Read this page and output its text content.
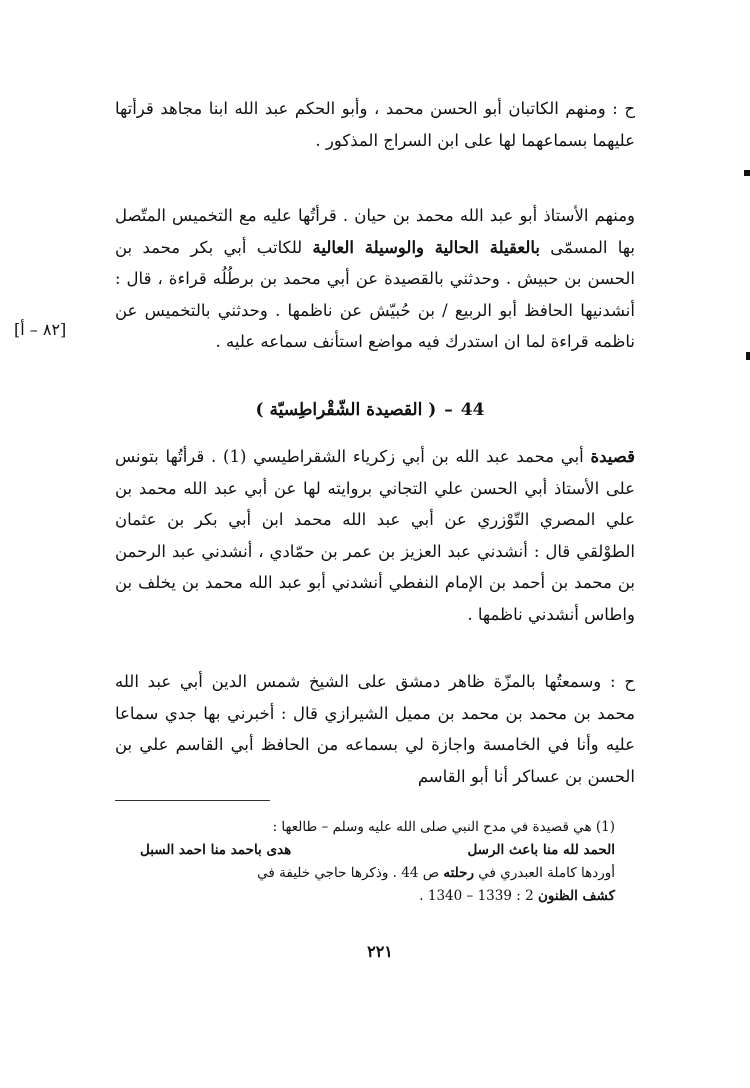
ح : ومنهم الكاتبان أبو الحسن محمد ، وأبو الحكم عبد الله ابنا مجاهد قرأتها عليهما بسماعهما لها على ابن السراج المذكور .

ومنهم الأستاذ أبو عبد الله محمد بن حيان . قرأتُها عليه مع التخميس المتّصل بها المسمّى بالعقيلة الحالية والوسيلة العالية للكاتب أبي بكر محمد بن الحسن بن حبيش . وحدثني بالقصيدة عن أبي محمد بن برطُلُه قراءة ، قال : أنشدنيها الحافظ أبو الربيع / بن حُبيّش عن ناظمها . وحدثني بالتخميس عن ناظمه قراءة لما ان استدرك فيه مواضع استأنف سماعه عليه .

[٨٢ – أ]
44–( القصيدة الشّقْراطِسيّة )

قصيدة أبي محمد عبد الله بن أبي زكرياء الشقراطيسي (1) . قرأتُها بتونس على الأستاذ أبي الحسن علي التجاني بروايته لها عن أبي عبد الله محمد بن علي المصري التّوْزري عن أبي عبد الله محمد ابن أبي بكر بن عثمان الطوْلقي قال : أنشدني عبد العزيز بن عمر بن حمّادي ، أنشدني عبد الرحمن بن محمد بن أحمد بن الإمام النفطي أنشدني أبو عبد الله محمد بن يخلف بن واطاس أنشدني ناظمها .

ح : وسمعتُها بالمزّة ظاهر دمشق على الشيخ شمس الدين أبي عبد الله محمد بن محمد بن محمد بن مميل الشيرازي قال : أخبرني بها جدي سماعا عليه وأنا في الخامسة واجازة لي بسماعه من الحافظ أبي القاسم علي بن الحسن بن عساكر أنا أبو القاسم

(1) هي قصيدة في مدح النبي صلى الله عليه وسلم – طالعها :

الحمد لله منا باعث الرسل
هدى باحمد منا احمد السبل

أوردها كاملة العبدري في رحلته ص 44 . وذكرها حاجي خليفة في

كشف الظنون 2 : 1339 – 1340 .

٢٢١
